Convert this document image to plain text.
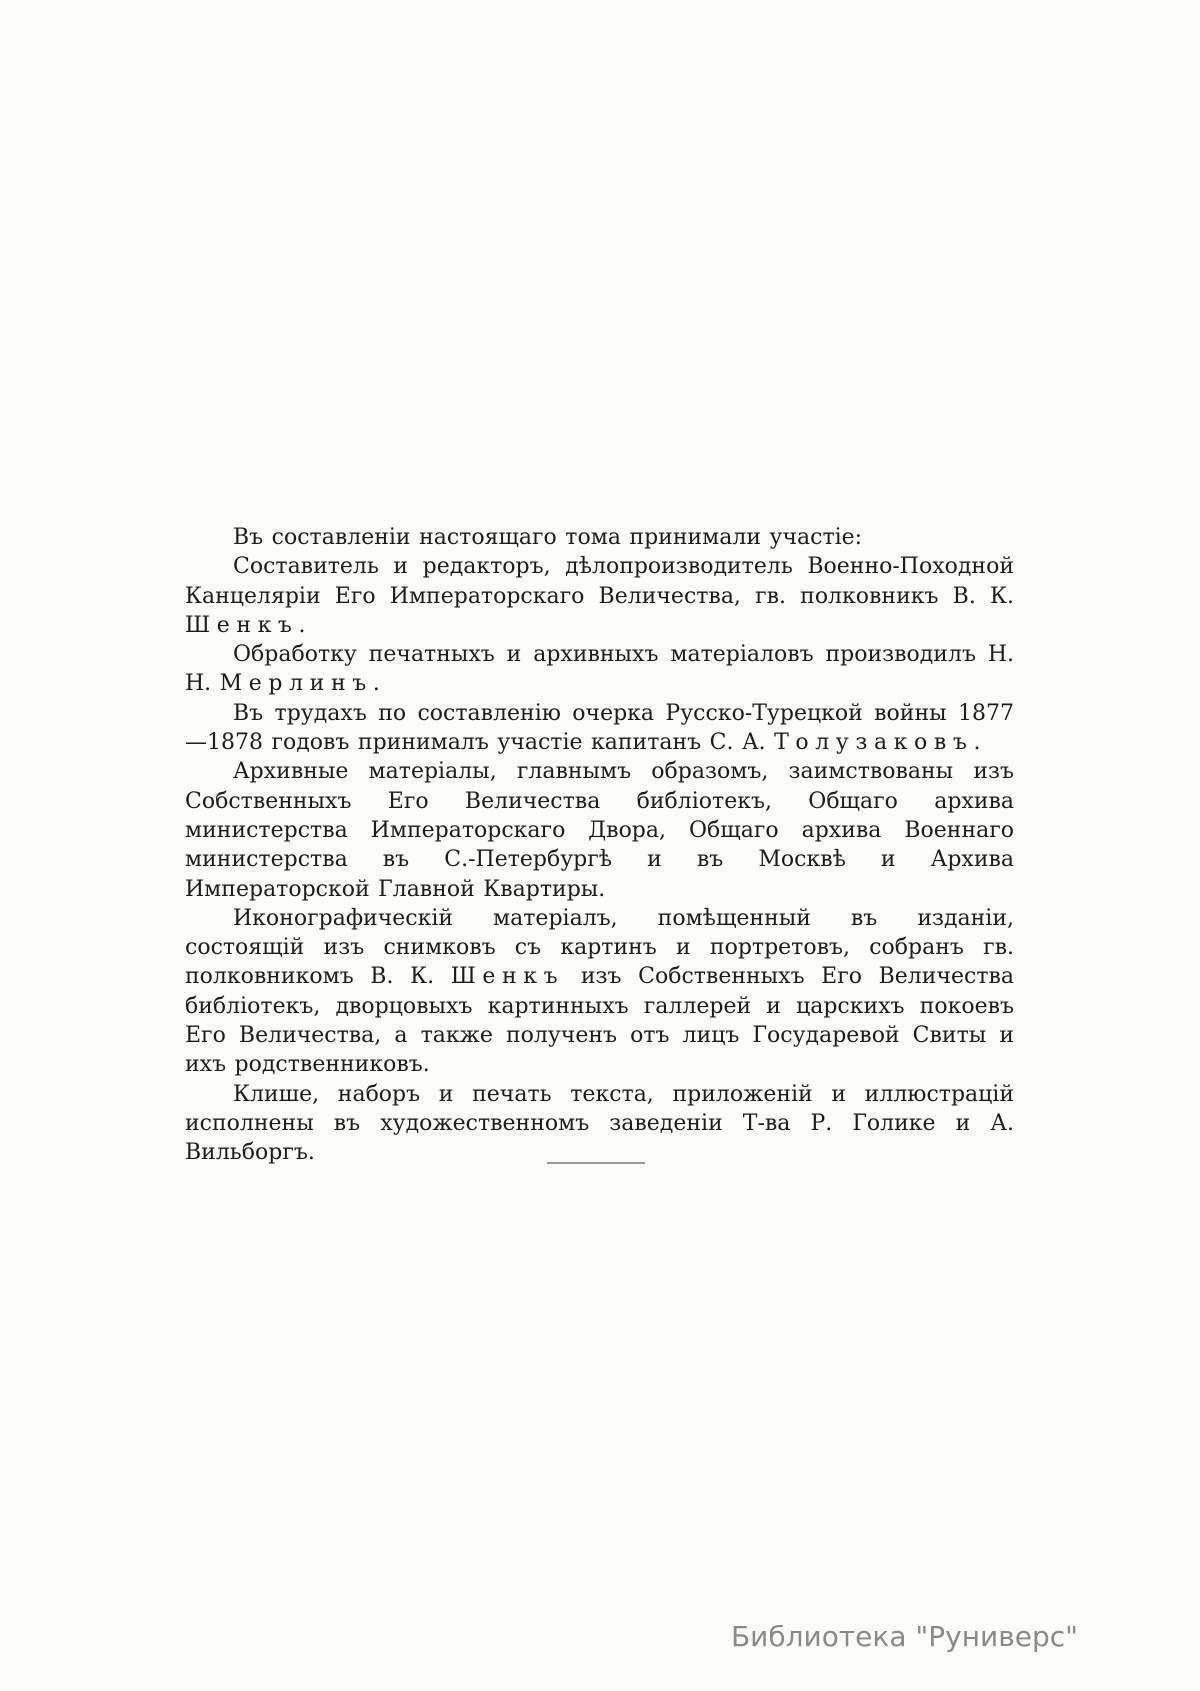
Въ составленіи настоящаго тома принимали участіе:

Составитель и редакторъ, дѣлопроизводитель Военно-Походной Канцеляріи Его Императорскаго Величества, гв. полковникъ В. К. Шенкъ.

Обработку печатныхъ и архивныхъ матеріаловъ производилъ Н. Н. Мерлинъ.

Въ трудахъ по составленію очерка Русско-Турецкой войны 1877—1878 годовъ принималъ участіе капитанъ С. А. Толузаковъ.

Архивные матеріалы, главнымъ образомъ, заимствованы изъ Собственныхъ Его Величества библіотекъ, Общаго архива министерства Императорскаго Двора, Общаго архива Военнаго министерства въ С.-Петербургѣ и въ Москвѣ и Архива Императорской Главной Квартиры.

Иконографическій матеріалъ, помѣщенный въ изданіи, состоящій изъ снимковъ съ картинъ и портретовъ, собранъ гв. полковникомъ В. К. Шенкъ изъ Собственныхъ Его Величества библіотекъ, дворцовыхъ картинныхъ галлерей и царскихъ покоевъ Его Величества, а также полученъ отъ лицъ Государевой Свиты и ихъ родственниковъ.

Клише, наборъ и печать текста, приложеній и иллюстрацій исполнены въ художественномъ заведеніи Т-ва Р. Голике и А. Вильборгъ.

Библиотека "Руниверс"
